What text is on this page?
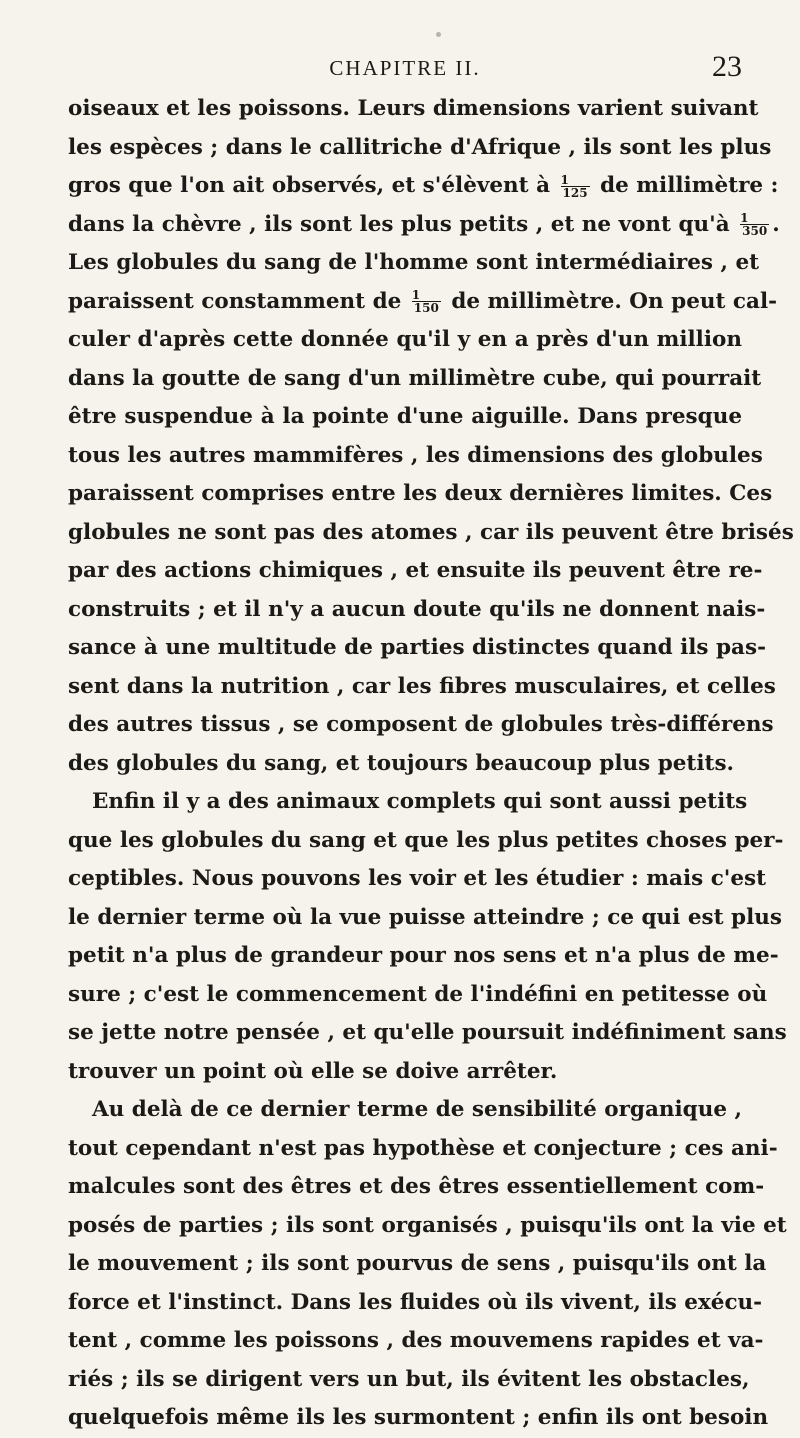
CHAPITRE II.	23
oiseaux et les poissons. Leurs dimensions varient suivant
les espèces ; dans le callitriche d'Afrique , ils sont les plus
gros que l'on ait observés, et s'élèvent à $\frac{1}{125}$ de millimètre :
dans la chèvre , ils sont les plus petits , et ne vont qu'à $\frac{1}{350}$ .
Les globules du sang de l'homme sont intermédiaires , et
paraissent constamment de $\frac{1}{150}$ de millimètre. On peut cal-
culer d'après cette donnée qu'il y en a près d'un million
dans la goutte de sang d'un millimètre cube, qui pourrait
être suspendue à la pointe d'une aiguille. Dans presque
tous les autres mammifères , les dimensions des globules
paraissent comprises entre les deux dernières limites. Ces
globules ne sont pas des atomes , car ils peuvent être brisés
par des actions chimiques , et ensuite ils peuvent être re-
construits ; et il n'y a aucun doute qu'ils ne donnent nais-
sance à une multitude de parties distinctes quand ils pas-
sent dans la nutrition , car les fibres musculaires, et celles
des autres tissus , se composent de globules très-différens
des globules du sang, et toujours beaucoup plus petits.
Enfin il y a des animaux complets qui sont aussi petits
que les globules du sang et que les plus petites choses per-
ceptibles. Nous pouvons les voir et les étudier : mais c'est
le dernier terme où la vue puisse atteindre ; ce qui est plus
petit n'a plus de grandeur pour nos sens et n'a plus de me-
sure ; c'est le commencement de l'indéfini en petitesse où
se jette notre pensée , et qu'elle poursuit indéfiniment sans
trouver un point où elle se doive arrêter.
Au delà de ce dernier terme de sensibilité organique ,
tout cependant n'est pas hypothèse et conjecture ; ces ani-
malcules sont des êtres et des êtres essentiellement com-
posés de parties ; ils sont organisés , puisqu'ils ont la vie et
le mouvement ; ils sont pourvus de sens , puisqu'ils ont la
force et l'instinct. Dans les fluides où ils vivent, ils exécu-
tent , comme les poissons , des mouvemens rapides et va-
riés ; ils se dirigent vers un but, ils évitent les obstacles,
quelquefois même ils les surmontent ; enfin ils ont besoin
